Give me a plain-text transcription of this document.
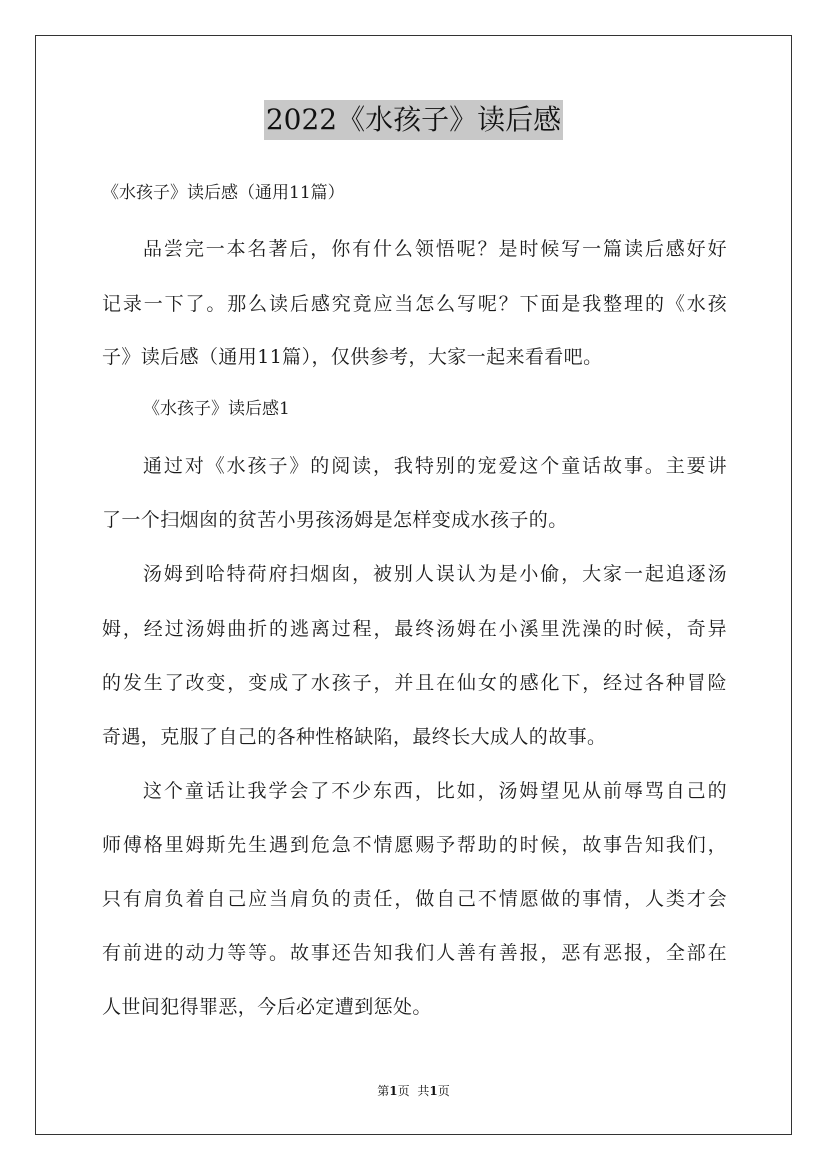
2022《水孩子》读后感
《水孩子》读后感（通用11篇）
品尝完一本名著后，你有什么领悟呢？是时候写一篇读后感好好
记录一下了。那么读后感究竟应当怎么写呢？下面是我整理的《水孩
子》读后感（通用11篇），仅供参考，大家一起来看看吧。
《水孩子》读后感1
通过对《水孩子》的阅读，我特别的宠爱这个童话故事。主要讲
了一个扫烟囱的贫苦小男孩汤姆是怎样变成水孩子的。
汤姆到哈特荷府扫烟囱，被别人误认为是小偷，大家一起追逐汤
姆，经过汤姆曲折的逃离过程，最终汤姆在小溪里洗澡的时候，奇异
的发生了改变，变成了水孩子，并且在仙女的感化下，经过各种冒险
奇遇，克服了自己的各种性格缺陷，最终长大成人的故事。
这个童话让我学会了不少东西，比如，汤姆望见从前辱骂自己的
师傅格里姆斯先生遇到危急不情愿赐予帮助的时候，故事告知我们，
只有肩负着自己应当肩负的责任，做自己不情愿做的事情，人类才会
有前进的动力等等。故事还告知我们人善有善报，恶有恶报，全部在
人世间犯得罪恶，今后必定遭到惩处。
第1页 共1页
